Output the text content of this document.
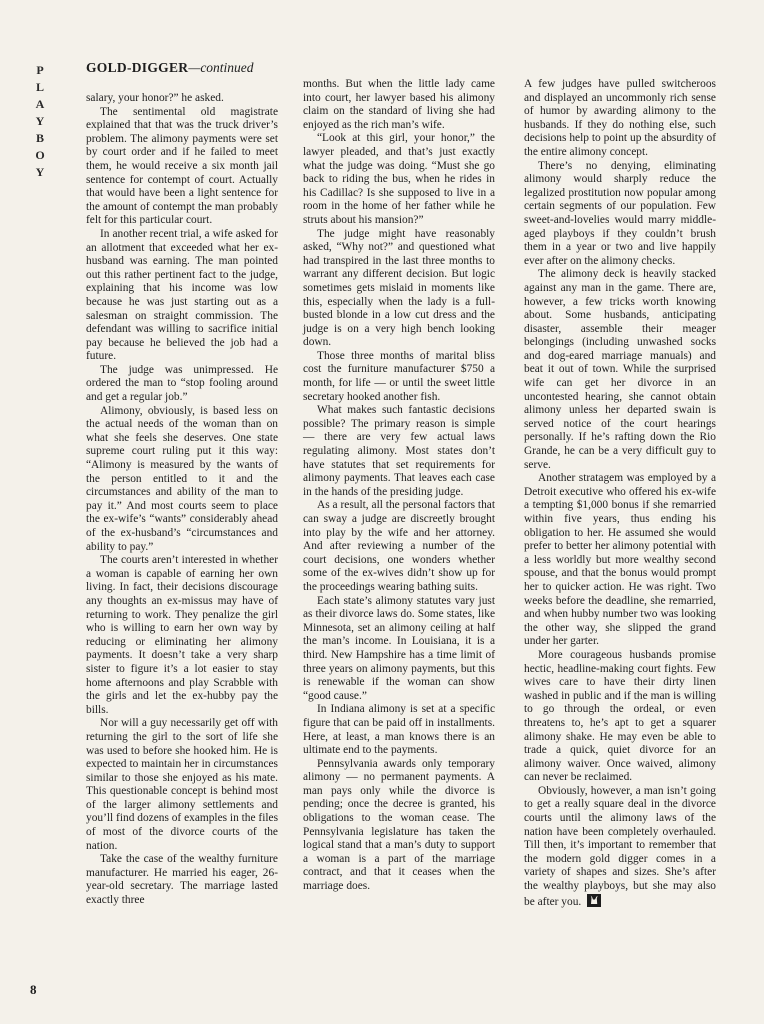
P
L
A
Y
B
O
Y
GOLD-DIGGER—continued

salary, your honor?” he asked.

The sentimental old magistrate explained that that was the truck driver’s problem. The alimony payments were set by court order and if he failed to meet them, he would receive a six month jail sentence for contempt of court. Actually that would have been a light sentence for the amount of contempt the man probably felt for this particular court.

In another recent trial, a wife asked for an allotment that exceeded what her ex-husband was earning. The man pointed out this rather pertinent fact to the judge, explaining that his income was low because he was just starting out as a salesman on straight commission. The defendant was willing to sacrifice initial pay because he believed the job had a future.

The judge was unimpressed. He ordered the man to “stop fooling around and get a regular job.”

Alimony, obviously, is based less on the actual needs of the woman than on what she feels she deserves. One state supreme court ruling put it this way: “Alimony is measured by the wants of the person entitled to it and the circumstances and ability of the man to pay it.” And most courts seem to place the ex-wife’s “wants” considerably ahead of the ex-husband’s “circumstances and ability to pay.”

The courts aren’t interested in whether a woman is capable of earning her own living. In fact, their decisions discourage any thoughts an ex-missus may have of returning to work. They penalize the girl who is willing to earn her own way by reducing or eliminating her alimony payments. It doesn’t take a very sharp sister to figure it’s a lot easier to stay home afternoons and play Scrabble with the girls and let the ex-hubby pay the bills.

Nor will a guy necessarily get off with returning the girl to the sort of life she was used to before she hooked him. He is expected to maintain her in circumstances similar to those she enjoyed as his mate. This questionable concept is behind most of the larger alimony settlements and you’ll find dozens of examples in the files of most of the divorce courts of the nation.

Take the case of the wealthy furniture manufacturer. He married his eager, 26-year-old secretary. The marriage lasted exactly three

months. But when the little lady came into court, her lawyer based his alimony claim on the standard of living she had enjoyed as the rich man’s wife.

“Look at this girl, your honor,” the lawyer pleaded, and that’s just exactly what the judge was doing. “Must she go back to riding the bus, when he rides in his Cadillac? Is she supposed to live in a room in the home of her father while he struts about his mansion?”

The judge might have reasonably asked, “Why not?” and questioned what had transpired in the last three months to warrant any different decision. But logic sometimes gets mislaid in moments like this, especially when the lady is a full-busted blonde in a low cut dress and the judge is on a very high bench looking down.

Those three months of marital bliss cost the furniture manufacturer $750 a month, for life — or until the sweet little secretary hooked another fish.

What makes such fantastic decisions possible? The primary reason is simple — there are very few actual laws regulating alimony. Most states don’t have statutes that set requirements for alimony payments. That leaves each case in the hands of the presiding judge.

As a result, all the personal factors that can sway a judge are discreetly brought into play by the wife and her attorney. And after reviewing a number of the court decisions, one wonders whether some of the ex-wives didn’t show up for the proceedings wearing bathing suits.

Each state’s alimony statutes vary just as their divorce laws do. Some states, like Minnesota, set an alimony ceiling at half the man’s income. In Louisiana, it is a third. New Hampshire has a time limit of three years on alimony payments, but this is renewable if the woman can show “good cause.”

In Indiana alimony is set at a specific figure that can be paid off in installments. Here, at least, a man knows there is an ultimate end to the payments.

Pennsylvania awards only temporary alimony — no permanent payments. A man pays only while the divorce is pending; once the decree is granted, his obligations to the woman cease. The Pennsylvania legislature has taken the logical stand that a man’s duty to support a woman is a part of the marriage contract, and that it ceases when the marriage does.

A few judges have pulled switcheroos and displayed an uncommonly rich sense of humor by awarding alimony to the husbands. If they do nothing else, such decisions help to point up the absurdity of the entire alimony concept.

There’s no denying, eliminating alimony would sharply reduce the legalized prostitution now popular among certain segments of our population. Few sweet-and-lovelies would marry middle-aged playboys if they couldn’t brush them in a year or two and live happily ever after on the alimony checks.

The alimony deck is heavily stacked against any man in the game. There are, however, a few tricks worth knowing about. Some husbands, anticipating disaster, assemble their meager belongings (including unwashed socks and dog-eared marriage manuals) and beat it out of town. While the surprised wife can get her divorce in an uncontested hearing, she cannot obtain alimony unless her departed swain is served notice of the court hearings personally. If he’s rafting down the Rio Grande, he can be a very difficult guy to serve.

Another stratagem was employed by a Detroit executive who offered his ex-wife a tempting $1,000 bonus if she remarried within five years, thus ending his obligation to her. He assumed she would prefer to better her alimony potential with a less worldly but more wealthy second spouse, and that the bonus would prompt her to quicker action. He was right. Two weeks before the deadline, she remarried, and when hubby number two was looking the other way, she slipped the grand under her garter.

More courageous husbands promise hectic, headline-making court fights. Few wives care to have their dirty linen washed in public and if the man is willing to go through the ordeal, or even threatens to, he’s apt to get a squarer alimony shake. He may even be able to trade a quick, quiet divorce for an alimony waiver. Once waived, alimony can never be reclaimed.

Obviously, however, a man isn’t going to get a really square deal in the divorce courts until the alimony laws of the nation have been completely overhauled. Till then, it’s important to remember that the modern gold digger comes in a variety of shapes and sizes. She’s after the wealthy playboys, but she may also be after you.

8
